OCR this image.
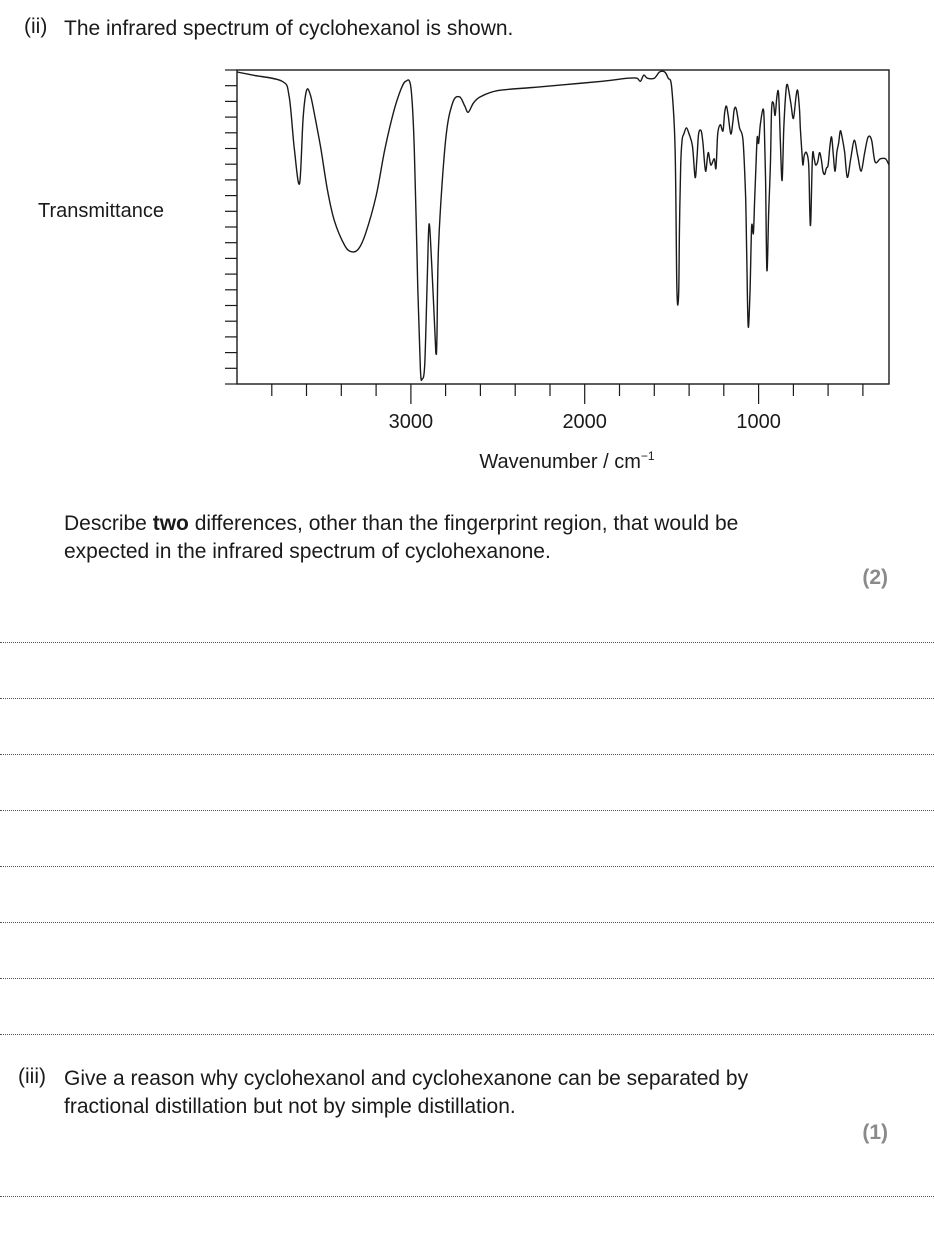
(ii) The infrared spectrum of cyclohexanol is shown.
Transmittance
3000	2000	1000
Wavenumber / $cm^{-1}$
Describe two differences, other than the fingerprint region, that would be
expected in the infrared spectrum of cyclohexanone.
(2)
(iii) Give a reason why cyclohexanol and cyclohexanone can be separated by
fractional distillation but not by simple distillation.
(1)
